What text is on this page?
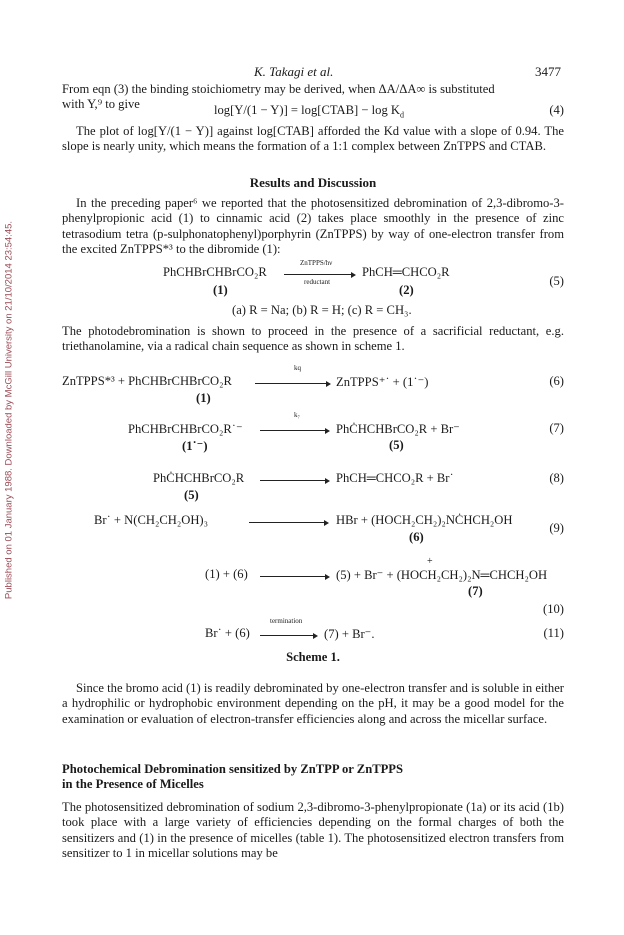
K. Takagi et al.	3477
Published on 01 January 1988. Downloaded by McGill University on 21/10/2014 23:54:45.
From eqn (3) the binding stoichiometry may be derived, when ΔA/ΔA∞ is substituted
with Y,⁹ to give	log[Y/(1 − Y)] = log[CTAB] − $\log K_d$	(4)

The plot of log[Y/(1 − Y)] against log[CTAB] afforded the Kd value with a slope of 0.94. The slope is nearly unity, which means the formation of a 1:1 complex between ZnTPPS and CTAB.

Results and Discussion

In the preceding paper⁶ we reported that the photosensitized debromination of 2,3-dibromo-3-phenylpropionic acid (1) to cinnamic acid (2) takes place smoothly in the presence of zinc tetrasodium tetra (p-sulphonatophenyl)porphyrin (ZnTPPS) by way of one-electron transfer from the excited ZnTPPS*³ to the dibromide (1):

PhCHBrCHBrCO₂R
ZnTPPS/hν
reductant
PhCH═CHCO₂R
(1)	(2)
(5)
(a) R = Na; (b) R = H; (c) R = CH₃.

The photodebromination is shown to proceed in the presence of a sacrificial reductant, e.g. triethanolamine, via a radical chain sequence as shown in scheme 1.

ZnTPPS*³ + PhCHBrCHBrCO₂R
kq
ZnTPPS⁺˙ + (1˙⁻)
(1)
(6)
PhCHBrCHBrCO₂R˙⁻
k₇
PhĊHCHBrCO₂R + Br⁻
(1˙⁻)	(5)
(7)
PhĊHCHBrCO₂R	PhCH═CHCO₂R + Br˙
(5)
(8)
Br˙ + N(CH₂CH₂OH)₃	HBr + (HOCH₂CH₂)₂NĊHCH₂OH
(6)
(9)
(1) + (6)
+
(5) + Br⁻ + (HOCH₂CH₂)₂N═CHCH₂OH
(7)
(10)
Br˙ + (6)
termination
(7) + Br⁻.	(11)
Scheme 1.

Since the bromo acid (1) is readily debrominated by one-electron transfer and is soluble in either a hydrophilic or hydrophobic environment depending on the pH, it may be a good model for the examination or evaluation of electron-transfer efficiencies along and across the micellar surface.

Photochemical Debromination sensitized by ZnTPP or ZnTPPS
in the Presence of Micelles

The photosensitized debromination of sodium 2,3-dibromo-3-phenylpropionate (1a) or its acid (1b) took place with a large variety of efficiencies depending on the formal charges of both the sensitizers and (1) in the presence of micelles (table 1). The photosensitized electron transfers from sensitizer to 1 in micellar solutions may be
